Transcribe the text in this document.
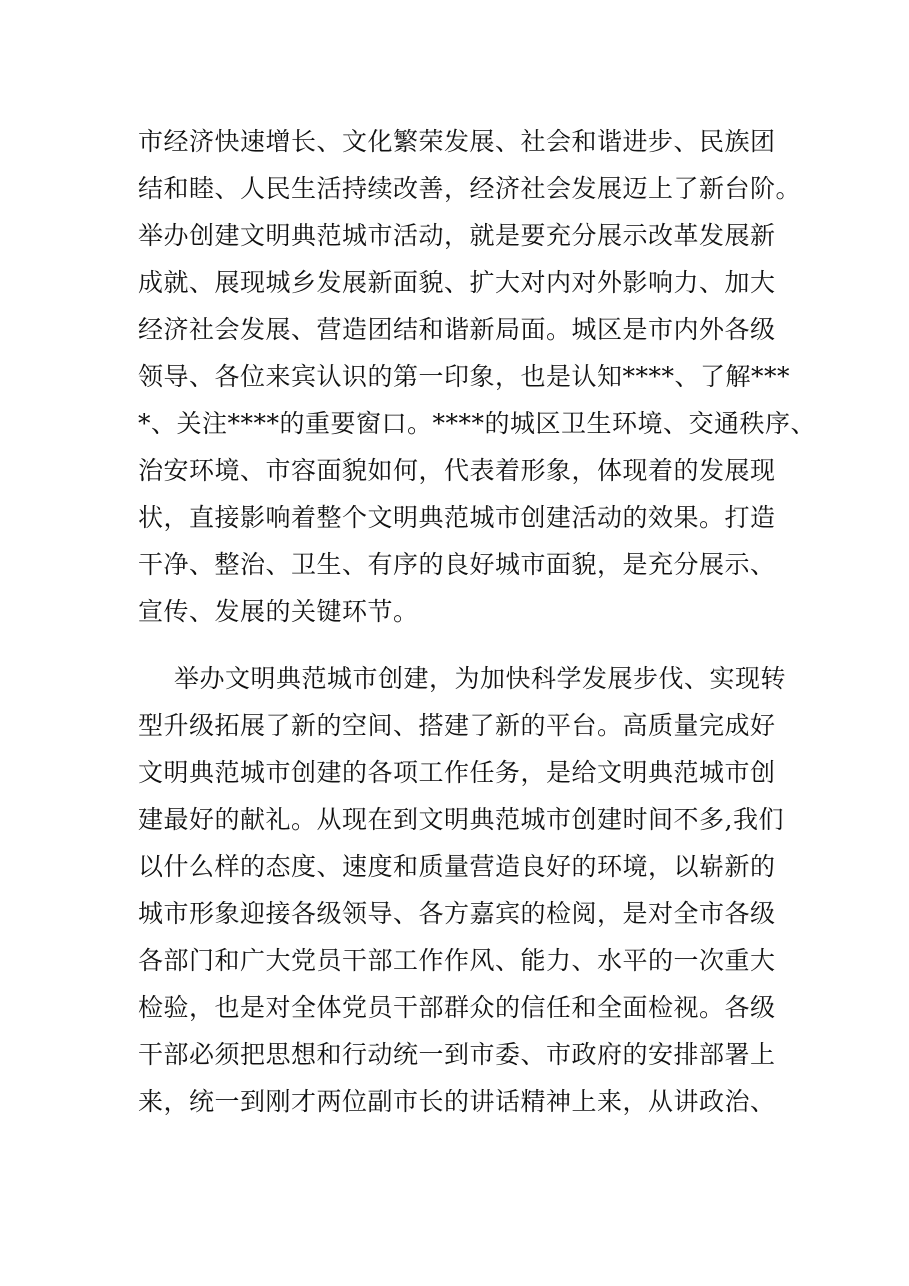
市经济快速增长、文化繁荣发展、社会和谐进步、民族团

结和睦、人民生活持续改善，经济社会发展迈上了新台阶。

举办创建文明典范城市活动，就是要充分展示改革发展新

成就、展现城乡发展新面貌、扩大对内对外影响力、加大

经济社会发展、营造团结和谐新局面。城区是市内外各级

领导、各位来宾认识的第一印象，也是认知****、了解***

*、关注****的重要窗口。****的城区卫生环境、交通秩序、

治安环境、市容面貌如何，代表着形象，体现着的发展现

状，直接影响着整个文明典范城市创建活动的效果。打造

干净、整治、卫生、有序的良好城市面貌，是充分展示、

宣传、发展的关键环节。

举办文明典范城市创建，为加快科学发展步伐、实现转

型升级拓展了新的空间、搭建了新的平台。高质量完成好

文明典范城市创建的各项工作任务，是给文明典范城市创

建最好的献礼。从现在到文明典范城市创建时间不多,我们

以什么样的态度、速度和质量营造良好的环境，以崭新的

城市形象迎接各级领导、各方嘉宾的检阅，是对全市各级

各部门和广大党员干部工作作风、能力、水平的一次重大

检验，也是对全体党员干部群众的信任和全面检视。各级

干部必须把思想和行动统一到市委、市政府的安排部署上

来，统一到刚才两位副市长的讲话精神上来，从讲政治、
